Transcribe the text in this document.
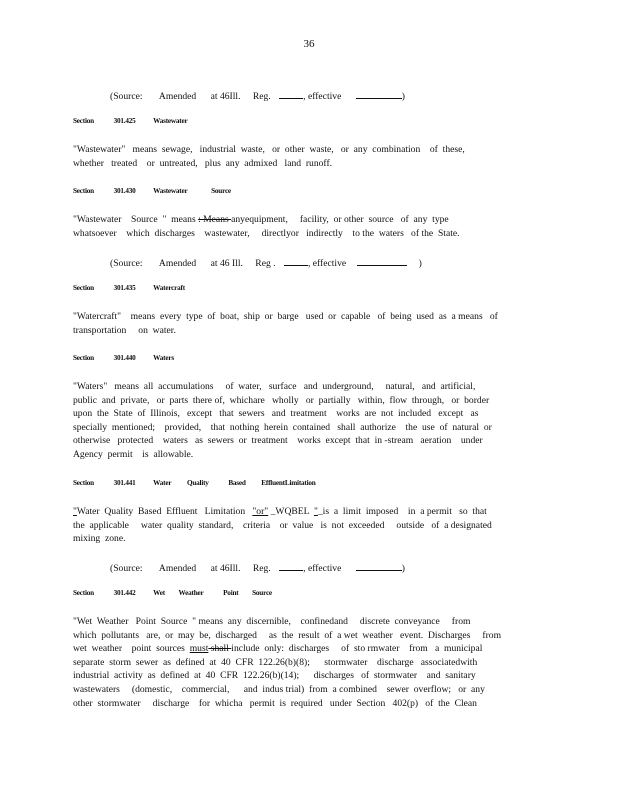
36
(Source: Amended at 46Ill. Reg.	, effective	)
Section	301.425 Wastewater
"Wastewater"   means  sewage,   industrial  waste,   or  other  waste,   or  any  combination    of  these,
whether   treated    or  untreated,   plus  any  admixed   land  runoff.
Section	301.430 Wastewater	Source
"Wastewater    Source  "  means : Means anyequipment,     facility,  or other  source   of  any  type
whatsoever    which  discharges    wastewater,     directlyor   indirectly    to the  waters   of the  State.
(Source: Amended at 46 Ill. Reg .	, effective	)
Section	301.435 Watercraft
"Watercraft"    means  every  type  of  boat,  ship  or  barge   used  or  capable   of  being  used  as  a means   of
transportation     on  water.
Section	301.440 Waters
"Waters"   means  all  accumulations     of  water,   surface   and  underground,     natural,   and  artificial,
public  and  private,   or  parts  there of,  whichare   wholly   or  partially   within,  flow  through,   or  border
upon  the  State  of  Illinois,   except   that  sewers   and  treatment    works  are  not  included   except   as
specially  mentioned;    provided,    that  nothing  herein  contained   shall  authorize    the  use  of  natural  or
otherwise   protected    waters   as  sewers  or  treatment    works  except  that  in -stream   aeration    under
Agency  permit    is  allowable.
Section	301.441 Water Quality	Based EffluentLimitation
"Water  Quality  Based  Effluent   Limitation   "or" _WQBEL  "_is  a  limit  imposed    in  a permit   so  that
the  applicable     water  quality  standard,    criteria    or  value   is  not  exceeded     outside   of  a designated
mixing  zone.
(Source: Amended at 46Ill. Reg.	, effective	)
Section	301.442 Wet Weather	Point Source
"Wet  Weather   Point  Source  " means  any  discernible,    confinedand     discrete  conveyance     from
which  pollutants   are,  or  may  be,  discharged     as  the  result  of  a wet  weather   event.  Discharges     from
wet  weather    point  sources  must shall include  only:  discharges     of  sto rmwater    from   a  municipal
separate  storm  sewer  as  defined  at  40  CFR  122.26(b)(8);      stormwater    discharge   associatedwith
industrial  activity  as  defined  at  40  CFR  122.26(b)(14);      discharges   of  stormwater    and  sanitary
wastewaters     (domestic,    commercial,      and  indus trial)  from  a combined    sewer  overflow;   or  any
other  stormwater     discharge    for  whicha   permit  is  required   under  Section   402(p)   of  the  Clean
